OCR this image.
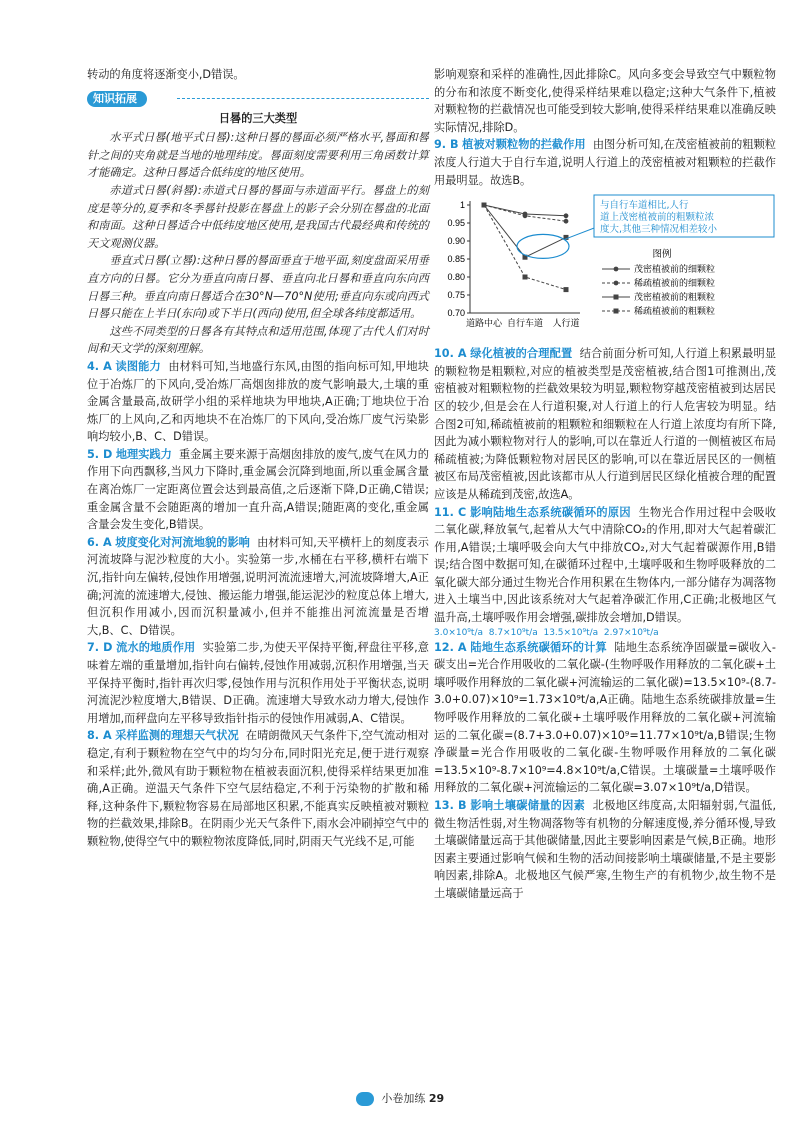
转动的角度将逐渐变小,D错误。

知识拓展

日晷的三大类型

水平式日晷(地平式日晷):这种日晷的晷面必须严格水平,晷面和晷针之间的夹角就是当地的地理纬度。晷面刻度需要利用三角函数计算才能确定。这种日晷适合低纬度的地区使用。

赤道式日晷(斜晷):赤道式日晷的晷面与赤道面平行。晷盘上的刻度是等分的,夏季和冬季晷针投影在晷盘上的影子会分别在晷盘的北面和南面。这种日晷适合中低纬度地区使用,是我国古代最经典和传统的天文观测仪器。

垂直式日晷(立晷):这种日晷的晷面垂直于地平面,刻度盘面采用垂直方向的日晷。它分为垂直向南日晷、垂直向北日晷和垂直向东向西日晷三种。垂直向南日晷适合在30°N—70°N使用;垂直向东或向西式日晷只能在上半日(东向)或下半日(西向)使用,但全球各纬度都适用。

这些不同类型的日晷各有其特点和适用范围,体现了古代人们对时间和天文学的深刻理解。

4. A 读图能力 由材料可知,当地盛行东风,由图的指向标可知,甲地块位于冶炼厂的下风向,受冶炼厂高烟囱排放的废气影响最大,土壤的重金属含量最高,故研学小组的采样地块为甲地块,A正确;丁地块位于冶炼厂的上风向,乙和丙地块不在冶炼厂的下风向,受冶炼厂废气污染影响均较小,B、C、D错误。

5. D 地理实践力 重金属主要来源于高烟囱排放的废气,废气在风力的作用下向西飘移,当风力下降时,重金属会沉降到地面,所以重金属含量在离冶炼厂一定距离位置会达到最高值,之后逐渐下降,D正确,C错误;重金属含量不会随距离的增加一直升高,A错误;随距离的变化,重金属含量会发生变化,B错误。

6. A 坡度变化对河流地貌的影响 由材料可知,天平横杆上的刻度表示河流坡降与泥沙粒度的大小。实验第一步,水桶在右平移,横杆右端下沉,指针向左偏转,侵蚀作用增强,说明河流流速增大,河流坡降增大,A正确;河流的流速增大,侵蚀、搬运能力增强,能运泥沙的粒度总体上增大,但沉积作用减小,因而沉积量减小,但并不能推出河流流量是否增大,B、C、D错误。

7. D 流水的地质作用 实验第二步,为使天平保持平衡,秤盘往平移,意味着左端的重量增加,指针向右偏转,侵蚀作用减弱,沉积作用增强,当天平保持平衡时,指针再次归零,侵蚀作用与沉积作用处于平衡状态,说明河流泥沙粒度增大,B错误、D正确。流速增大导致水动力增大,侵蚀作用增加,而秤盘向左平移导致指针指示的侵蚀作用减弱,A、C错误。

8. A 采样监测的理想天气状况 在晴朗微风天气条件下,空气流动相对稳定,有利于颗粒物在空气中的均匀分布,同时阳光充足,便于进行观察和采样;此外,微风有助于颗粒物在植被表面沉积,使得采样结果更加准确,A正确。逆温天气条件下空气层结稳定,不利于污染物的扩散和稀释,这种条件下,颗粒物容易在局部地区积累,不能真实反映植被对颗粒物的拦截效果,排除B。在阴雨少光天气条件下,雨水会冲刷掉空气中的颗粒物,使得空气中的颗粒物浓度降低,同时,阴雨天气光线不足,可能

影响观察和采样的准确性,因此排除C。风向多变会导致空气中颗粒物的分布和浓度不断变化,使得采样结果难以稳定;这种大气条件下,植被对颗粒物的拦截情况也可能受到较大影响,使得采样结果难以准确反映实际情况,排除D。

9. B 植被对颗粒物的拦截作用 由图分析可知,在茂密植被前的粗颗粒浓度人行道大于自行车道,说明人行道上的茂密植被对粗颗粒的拦截作用最明显。故选B。

1
0.95
0.90
0.85
0.80
0.75
0.70
道路中心 自行车道 人行道
茂密植被前的细颗粒
稀疏植被前的细颗粒
茂密植被前的粗颗粒
稀疏植被前的粗颗粒
图例
与自行车道相比,人行
道上茂密植被前的粗颗粒浓
度大,其他三种情况相差较小

10. A 绿化植被的合理配置 结合前面分析可知,人行道上积累最明显的颗粒物是粗颗粒,对应的植被类型是茂密植被,结合图1可推测出,茂密植被对粗颗粒物的拦截效果较为明显,颗粒物穿越茂密植被到达居民区的较少,但是会在人行道积聚,对人行道上的行人危害较为明显。结合图2可知,稀疏植被前的粗颗粒和细颗粒在人行道上浓度均有所下降,因此为减小颗粒物对行人的影响,可以在靠近人行道的一侧植被区布局稀疏植被;为降低颗粒物对居民区的影响,可以在靠近居民区的一侧植被区布局茂密植被,因此该都市从人行道到居民区绿化植被合理的配置应该是从稀疏到茂密,故选A。

11. C 影响陆地生态系统碳循环的原因 生物光合作用过程中会吸收二氧化碳,释放氧气,起着从大气中清除CO₂的作用,即对大气起着碳汇作用,A错误;土壤呼吸会向大气中排放CO₂,对大气起着碳源作用,B错误;结合图中数据可知,在碳循环过程中,土壤呼吸和生物呼吸释放的二氧化碳大部分通过生物光合作用积累在生物体内,一部分储存为凋落物进入土壤当中,因此该系统对大气起着净碳汇作用,C正确;北极地区气温升高,土壤呼吸作用会增强,碳排放会增加,D错误。

3.0×10⁹t/a 8.7×10⁹t/a 13.5×10⁹t/a 2.97×10⁹t/a

12. A 陆地生态系统碳循环的计算 陆地生态系统净固碳量=碳收入-碳支出=光合作用吸收的二氧化碳-(生物呼吸作用释放的二氧化碳+土壤呼吸作用释放的二氧化碳+河流输运的二氧化碳)=13.5×10⁹-(8.7-3.0+0.07)×10⁹=1.73×10⁹t/a,A正确。陆地生态系统碳排放量=生物呼吸作用释放的二氧化碳+土壤呼吸作用释放的二氧化碳+河流输运的二氧化碳=(8.7+3.0+0.07)×10⁹=11.77×10⁹t/a,B错误;生物净碳量=光合作用吸收的二氧化碳-生物呼吸作用释放的二氧化碳=13.5×10⁹-8.7×10⁹=4.8×10⁹t/a,C错误。土壤碳量=土壤呼吸作用释放的二氧化碳+河流输运的二氧化碳=3.07×10⁹t/a,D错误。

13. B 影响土壤碳储量的因素 北极地区纬度高,太阳辐射弱,气温低,微生物活性弱,对生物凋落物等有机物的分解速度慢,养分循环慢,导致土壤碳储量远高于其他碳储量,因此主要影响因素是气候,B正确。地形因素主要通过影响气候和生物的活动间接影响土壤碳储量,不是主要影响因素,排除A。北极地区气候严寒,生物生产的有机物少,故生物不是土壤碳储量远高于

小卷加练 29
